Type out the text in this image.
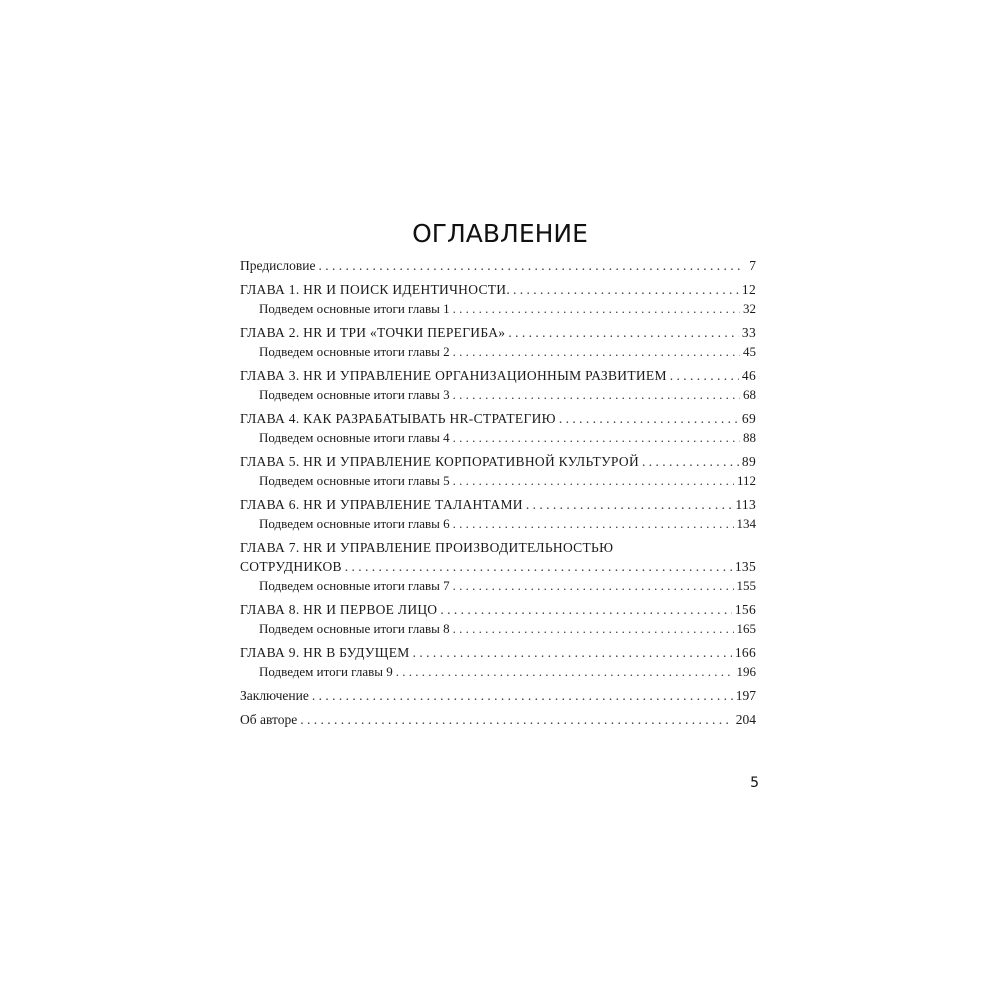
ОГЛАВЛЕНИЕ
Предисловие . . .	7
ГЛАВА 1. HR И ПОИСК ИДЕНТИЧНОСТИ. . . .	12
Подведем основные итоги главы 1 . . .	32
ГЛАВА 2. HR И ТРИ «ТОЧКИ ПЕРЕГИБА» . . .	33
Подведем основные итоги главы 2 . . .	45
ГЛАВА 3. HR И УПРАВЛЕНИЕ ОРГАНИЗАЦИОННЫМ РАЗВИТИЕМ . . .	46
Подведем основные итоги главы 3 . . .	68
ГЛАВА 4. КАК РАЗРАБАТЫВАТЬ HR-СТРАТЕГИЮ . . .	69
Подведем основные итоги главы 4 . . .	88
ГЛАВА 5. HR И УПРАВЛЕНИЕ КОРПОРАТИВНОЙ КУЛЬТУРОЙ . . .	89
Подведем основные итоги главы 5 . . .	112
ГЛАВА 6. HR И УПРАВЛЕНИЕ ТАЛАНТАМИ . . .	113
Подведем основные итоги главы 6 . . .	134
ГЛАВА 7. HR И УПРАВЛЕНИЕ ПРОИЗВОДИТЕЛЬНОСТЬЮ
СОТРУДНИКОВ . . .	135
Подведем основные итоги главы 7 . . .	155
ГЛАВА 8. HR И ПЕРВОЕ ЛИЦО . . .	156
Подведем основные итоги главы 8 . . .	165
ГЛАВА 9. HR В БУДУЩЕМ . . .	166
Подведем итоги главы 9 . . .	196
Заключение . . .	197
Об авторе . . .	204
5
